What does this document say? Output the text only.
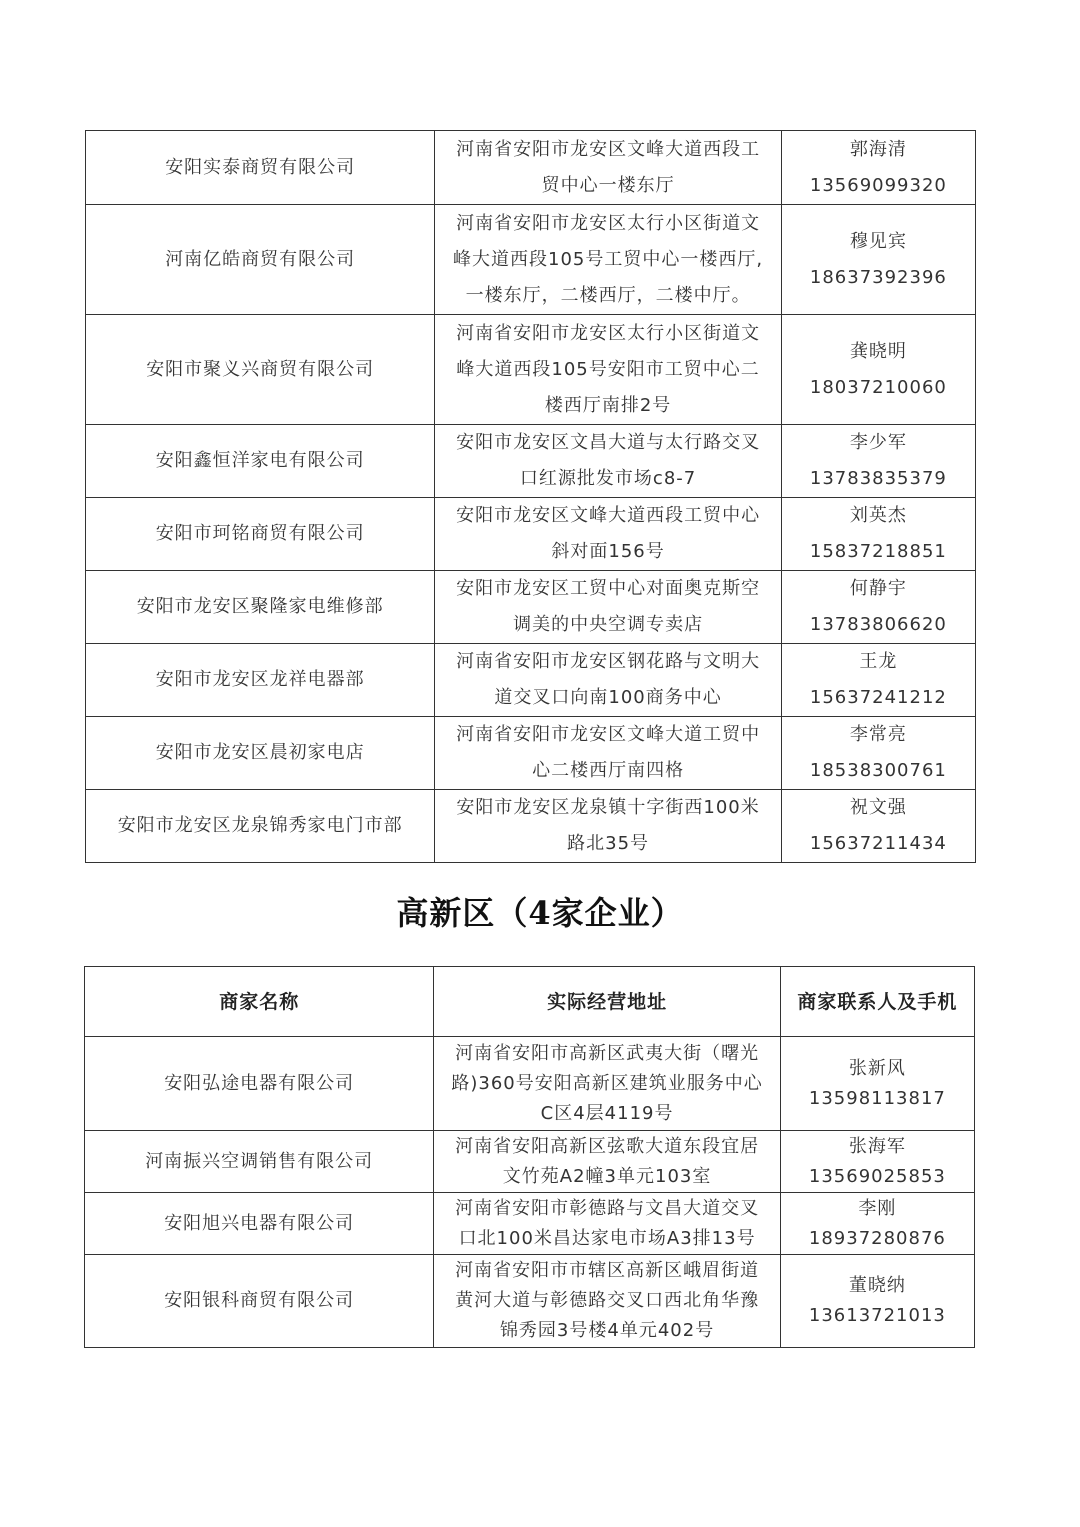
安阳实泰商贸有限公司	河南省安阳市龙安区文峰大道西段工
贸中心一楼东厅	郭海清
13569099320
河南亿皓商贸有限公司	河南省安阳市龙安区太行小区街道文
峰大道西段105号工贸中心一楼西厅,
一楼东厅，二楼西厅，二楼中厅。	穆见宾
18637392396
安阳市聚义兴商贸有限公司	河南省安阳市龙安区太行小区街道文
峰大道西段105号安阳市工贸中心二
楼西厅南排2号	龚晓明
18037210060
安阳鑫恒洋家电有限公司	安阳市龙安区文昌大道与太行路交叉
口红源批发市场c8-7	李少军
13783835379
安阳市珂铭商贸有限公司	安阳市龙安区文峰大道西段工贸中心
斜对面156号	刘英杰
15837218851
安阳市龙安区聚隆家电维修部	安阳市龙安区工贸中心对面奥克斯空
调美的中央空调专卖店	何静宇
13783806620
安阳市龙安区龙祥电器部	河南省安阳市龙安区钢花路与文明大
道交叉口向南100商务中心	王龙
15637241212
安阳市龙安区晨初家电店	河南省安阳市龙安区文峰大道工贸中
心二楼西厅南四格	李常亮
18538300761
安阳市龙安区龙泉锦秀家电门市部	安阳市龙安区龙泉镇十字街西100米
路北35号	祝文强
15637211434
高新区（4家企业）
商家名称	实际经营地址	商家联系人及手机
安阳弘途电器有限公司	河南省安阳市高新区武夷大街（曙光
路)360号安阳高新区建筑业服务中心
C区4层4119号	张新风
13598113817
河南振兴空调销售有限公司	河南省安阳高新区弦歌大道东段宜居
文竹苑A2幢3单元103室	张海军
13569025853
安阳旭兴电器有限公司	河南省安阳市彰德路与文昌大道交叉
口北100米昌达家电市场A3排13号	李刚
18937280876
安阳银科商贸有限公司	河南省安阳市市辖区高新区峨眉街道
黄河大道与彰德路交叉口西北角华豫
锦秀园3号楼4单元402号	董晓纳
13613721013
